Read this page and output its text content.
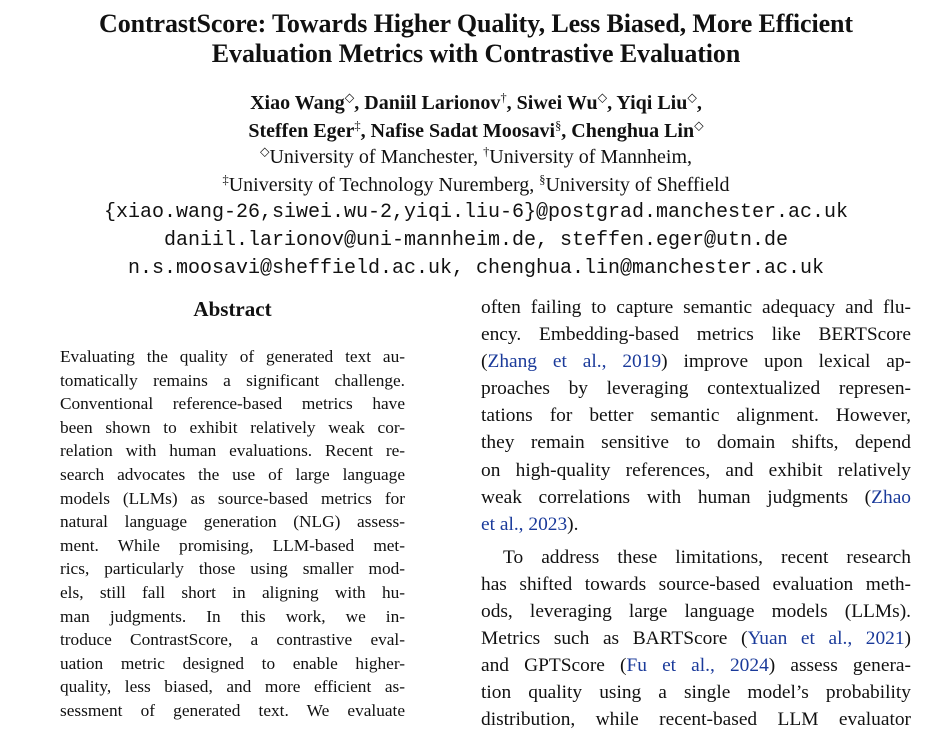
ContrastScore: Towards Higher Quality, Less Biased, More Efficient
Evaluation Metrics with Contrastive Evaluation
Xiao Wang◇, Daniil Larionov†, Siwei Wu◇, Yiqi Liu◇,
Steffen Eger‡, Nafise Sadat Moosavi§, Chenghua Lin◇
◇University of Manchester, †University of Mannheim,
‡University of Technology Nuremberg, §University of Sheffield
{xiao.wang-26,siwei.wu-2,yiqi.liu-6}@postgrad.manchester.ac.uk
daniil.larionov@uni-mannheim.de, steffen.eger@utn.de
n.s.moosavi@sheffield.ac.uk, chenghua.lin@manchester.ac.uk
Abstract
Evaluating the quality of generated text au-
tomatically remains a significant challenge.
Conventional reference-based metrics have
been shown to exhibit relatively weak cor-
relation with human evaluations. Recent re-
search advocates the use of large language
models (LLMs) as source-based metrics for
natural language generation (NLG) assess-
ment. While promising, LLM-based met-
rics, particularly those using smaller mod-
els, still fall short in aligning with hu-
man judgments. In this work, we in-
troduce ContrastScore, a contrastive eval-
uation metric designed to enable higher-
quality, less biased, and more efficient as-
sessment of generated text. We evaluate
often failing to capture semantic adequacy and flu-
ency. Embedding-based metrics like BERTScore
(Zhang et al., 2019) improve upon lexical ap-
proaches by leveraging contextualized represen-
tations for better semantic alignment. However,
they remain sensitive to domain shifts, depend
on high-quality references, and exhibit relatively
weak correlations with human judgments (Zhao
et al., 2023).
To address these limitations, recent research
has shifted towards source-based evaluation meth-
ods, leveraging large language models (LLMs).
Metrics such as BARTScore (Yuan et al., 2021)
and GPTScore (Fu et al., 2024) assess genera-
tion quality using a single model’s probability
distribution, while recent-based LLM evaluator
